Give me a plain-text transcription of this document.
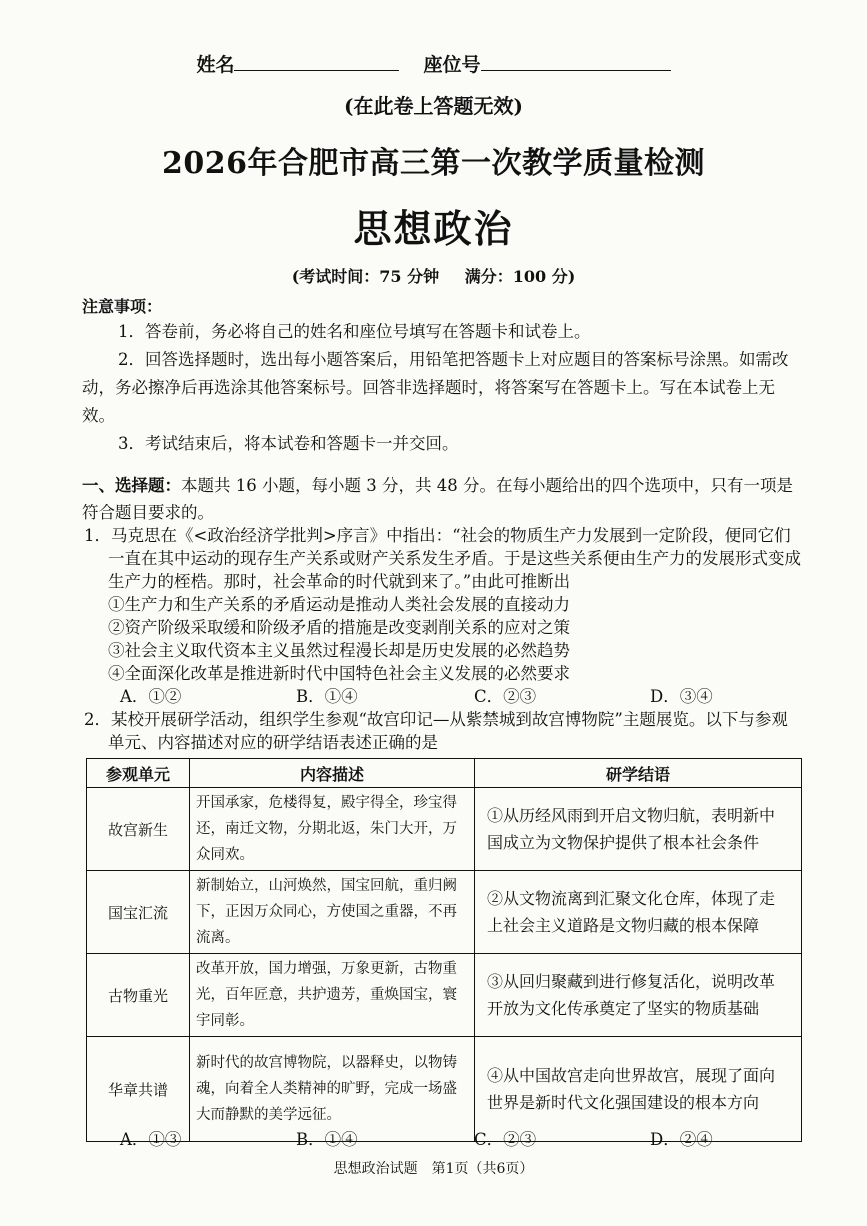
姓名	座位号
(在此卷上答题无效)
2026年合肥市高三第一次教学质量检测
思想政治
(考试时间：75 分钟 满分：100 分)
注意事项：

1．答卷前，务必将自己的姓名和座位号填写在答题卡和试卷上。

2．回答选择题时，选出每小题答案后，用铅笔把答题卡上对应题目的答案标号涂黑。如需改动，务必擦净后再选涂其他答案标号。回答非选择题时，将答案写在答题卡上。写在本试卷上无效。

3．考试结束后，将本试卷和答题卡一并交回。

一、选择题：本题共 16 小题，每小题 3 分，共 48 分。在每小题给出的四个选项中，只有一项是符合题目要求的。

1．马克思在《<政治经济学批判>序言》中指出：“社会的物质生产力发展到一定阶段，便同它们一直在其中运动的现存生产关系或财产关系发生矛盾。于是这些关系便由生产力的发展形式变成生产力的桎梏。那时，社会革命的时代就到来了。”由此可推断出

①生产力和生产关系的矛盾运动是推动人类社会发展的直接动力

②资产阶级采取缓和阶级矛盾的措施是改变剥削关系的应对之策

③社会主义取代资本主义虽然过程漫长却是历史发展的必然趋势

④全面深化改革是推进新时代中国特色社会主义发展的必然要求

A．①②	B．①④	C．②③	D．③④

2．某校开展研学活动，组织学生参观“故宫印记—从紫禁城到故宫博物院”主题展览。以下与参观单元、内容描述对应的研学结语表述正确的是

参观单元	内容描述	研学结语
故宫新生	开国承家，危楼得复，殿宇得全，珍宝得还，南迁文物，分期北返，朱门大开，万众同欢。	①从历经风雨到开启文物归航，表明新中国成立为文物保护提供了根本社会条件
国宝汇流	新制始立，山河焕然，国宝回航，重归阙下，正因万众同心，方使国之重器，不再流离。	②从文物流离到汇聚文化仓库，体现了走上社会主义道路是文物归藏的根本保障
古物重光	改革开放，国力增强，万象更新，古物重光，百年匠意，共护遗芳，重焕国宝，寰宇同彰。	③从回归聚藏到进行修复活化，说明改革开放为文化传承奠定了坚实的物质基础
华章共谱	新时代的故宫博物院，以器释史，以物铸魂，向着全人类精神的旷野，完成一场盛大而静默的美学远征。	④从中国故宫走向世界故宫，展现了面向世界是新时代文化强国建设的根本方向
A．①③	B．①④	C．②③	D．②④
思想政治试题　第1页（共6页）
